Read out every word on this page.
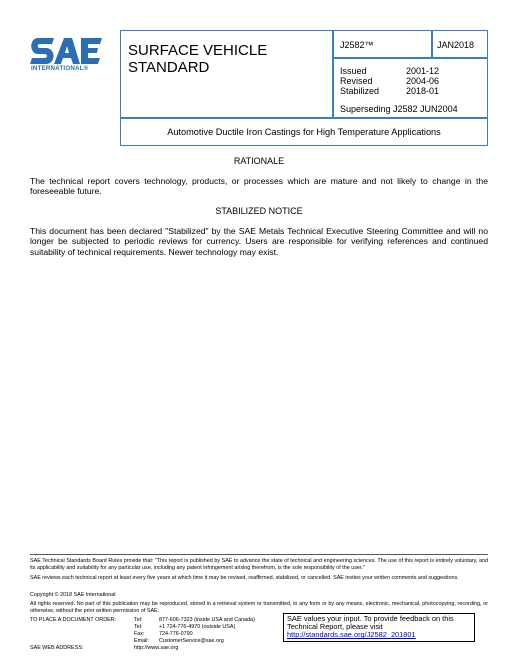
INTERNATIONAL®
SURFACE VEHICLE
STANDARD
J2582™	JAN2018
Issued	2001-12
Revised	2004-06
Stabilized	2018-01
Superseding J2582 JUN2004
Automotive Ductile Iron Castings for High Temperature Applications
RATIONALE
The technical report covers technology, products, or processes which are mature and not likely to change in the foreseeable future.
STABILIZED NOTICE
This document has been declared "Stabilized" by the SAE Metals Technical Executive Steering Committee and will no longer be subjected to periodic reviews for currency. Users are responsible for verifying references and continued suitability of technical requirements. Newer technology may exist.
SAE Technical Standards Board Rules provide that: "This report is published by SAE to advance the state of technical and engineering sciences. The use of this report is entirely voluntary, and its applicability and suitability for any particular use, including any patent infringement arising therefrom, is the sole responsibility of the user."
SAE reviews each technical report at least every five years at which time it may be revised, reaffirmed, stabilized, or cancelled. SAE invites your written comments and suggestions.
Copyright © 2018 SAE International
All rights reserved. No part of this publication may be reproduced, stored in a retrieval system or transmitted, in any form or by any means, electronic, mechanical, photocopying, recording, or otherwise, without the prior written permission of SAE.
TO PLACE A DOCUMENT ORDER:	Tel:	877-606-7323 (inside USA and Canada)
Tel:	+1 724-776-4970 (outside USA)
Fax:	724-776-0790
Email: CustomerService@sae.org
SAE WEB ADDRESS:	http://www.sae.org
SAE values your input. To provide feedback on this Technical Report, please visit
http://standards.sae.org/J2582_201801
